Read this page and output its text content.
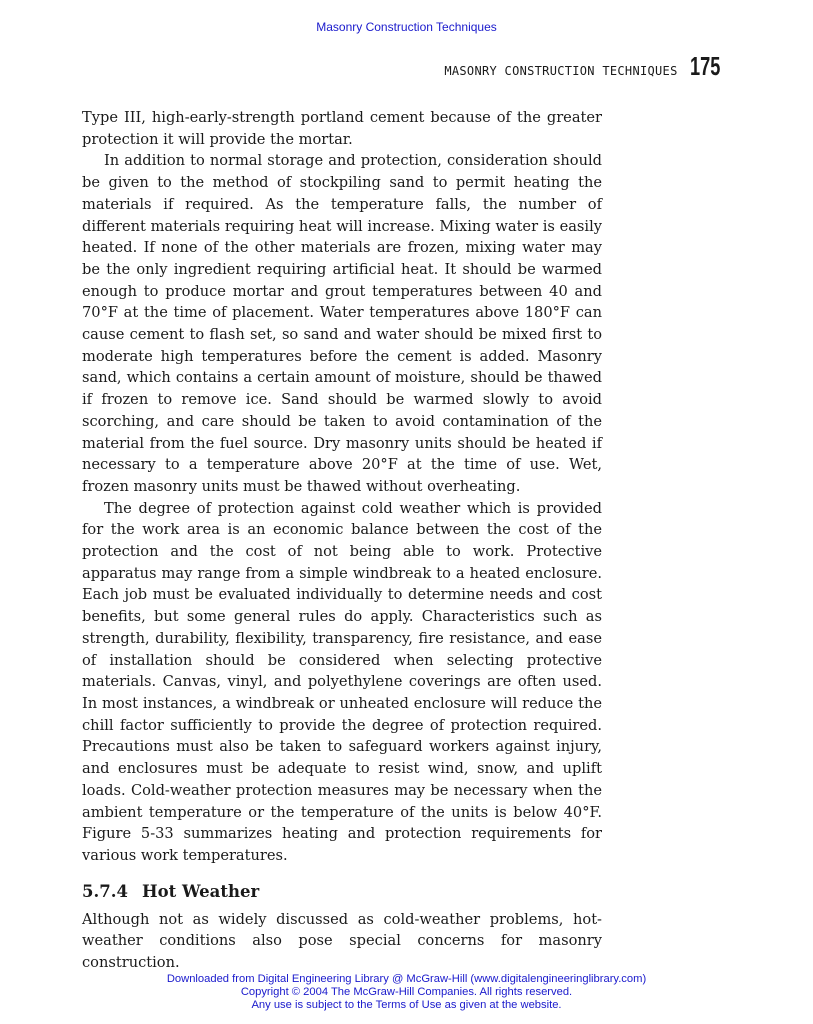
Masonry Construction Techniques
MASONRY CONSTRUCTION TECHNIQUES 175

Type III, high-early-strength portland cement because of the greater protection it will provide the mortar.

In addition to normal storage and protection, consideration should be given to the method of stockpiling sand to permit heating the materials if required. As the temperature falls, the number of different materials requiring heat will increase. Mixing water is easily heated. If none of the other materials are frozen, mixing water may be the only ingredient requiring artificial heat. It should be warmed enough to produce mortar and grout temperatures between 40 and 70°F at the time of placement. Water temperatures above 180°F can cause cement to flash set, so sand and water should be mixed first to moderate high temperatures before the cement is added. Masonry sand, which contains a certain amount of moisture, should be thawed if frozen to remove ice. Sand should be warmed slowly to avoid scorching, and care should be taken to avoid contamination of the material from the fuel source. Dry masonry units should be heated if necessary to a temperature above 20°F at the time of use. Wet, frozen masonry units must be thawed without overheating.

The degree of protection against cold weather which is provided for the work area is an economic balance between the cost of the protection and the cost of not being able to work. Protective apparatus may range from a simple windbreak to a heated enclosure. Each job must be evaluated individually to determine needs and cost benefits, but some general rules do apply. Characteristics such as strength, durability, flexibility, transparency, fire resistance, and ease of installation should be considered when selecting protective materials. Canvas, vinyl, and polyethylene coverings are often used. In most instances, a windbreak or unheated enclosure will reduce the chill factor sufficiently to provide the degree of protection required. Precautions must also be taken to safeguard workers against injury, and enclosures must be adequate to resist wind, snow, and uplift loads. Cold-weather protection measures may be necessary when the ambient temperature or the temperature of the units is below 40°F. Figure 5-33 summarizes heating and protection requirements for various work temperatures.

5.7.4 Hot Weather

Although not as widely discussed as cold-weather problems, hot-weather conditions also pose special concerns for masonry construction.

Downloaded from Digital Engineering Library @ McGraw-Hill (www.digitalengineeringlibrary.com)
Copyright © 2004 The McGraw-Hill Companies. All rights reserved.
Any use is subject to the Terms of Use as given at the website.
